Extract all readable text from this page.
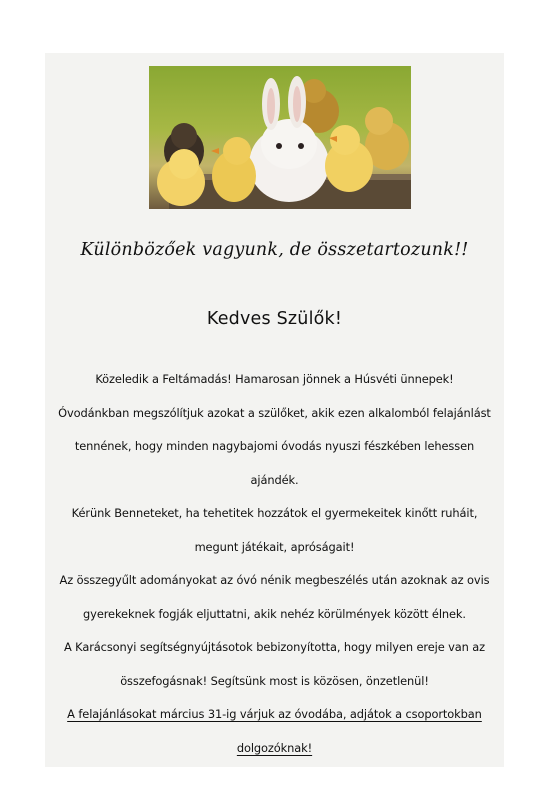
Különbözőek vagyunk, de összetartozunk!!
Kedves Szülők!
Közeledik a Feltámadás! Hamarosan jönnek a Húsvéti ünnepek!
Óvodánkban megszólítjuk azokat a szülőket, akik ezen alkalomból felajánlást
tennének, hogy minden nagybajomi óvodás nyuszi fészkében lehessen
ajándék.
Kérünk Benneteket, ha tehetitek hozzátok el gyermekeitek kinőtt ruháit,
megunt játékait, apróságait!
Az összegyűlt adományokat az óvó nénik megbeszélés után azoknak az ovis
gyerekeknek fogják eljuttatni, akik nehéz körülmények között élnek.
A Karácsonyi segítségnyújtásotok bebizonyította, hogy milyen ereje van az
összefogásnak! Segítsünk most is közösen, önzetlenül!
A felajánlásokat március 31-ig várjuk az óvodába, adjátok a csoportokban
dolgozóknak!
